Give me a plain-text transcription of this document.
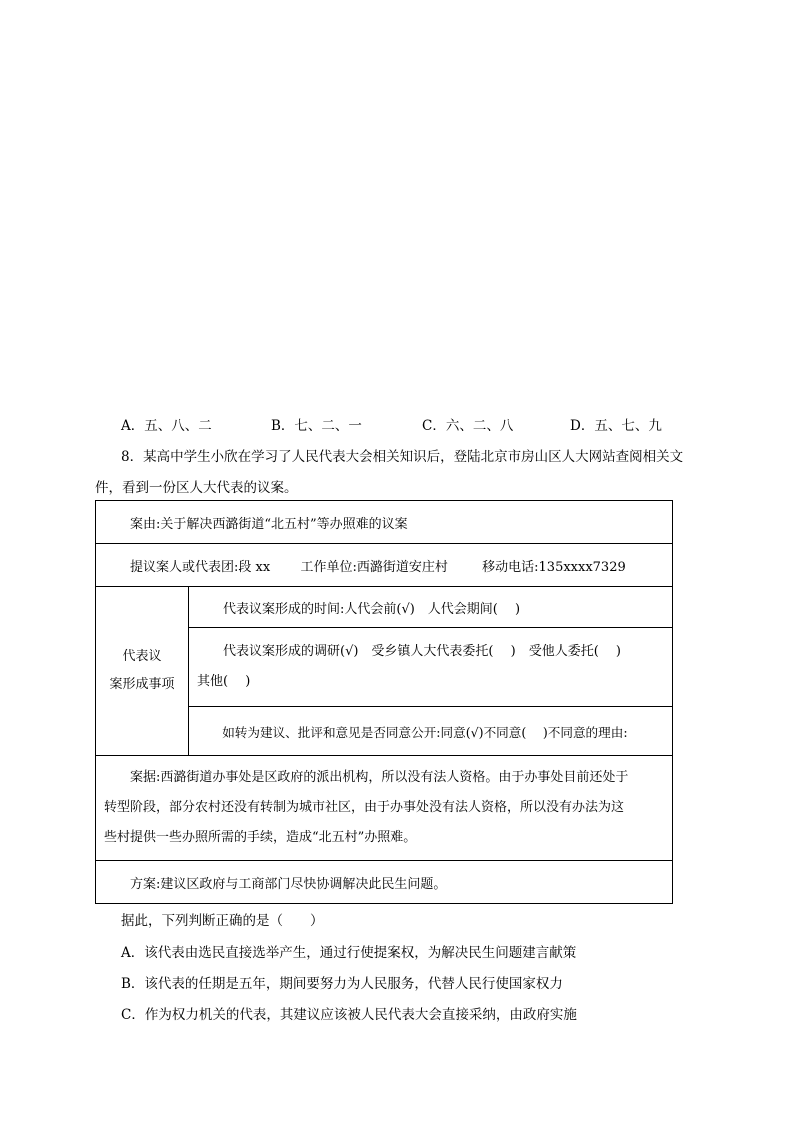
A．五、八、二	B．七、二、一	C．六、二、八	D．五、七、九
8．某高中学生小欣在学习了人民代表大会相关知识后，登陆北京市房山区人大网站查阅相关文
件，看到一份区人大代表的议案。
案由:关于解决西潞街道“北五村”等办照难的议案
提议案人或代表团:段 xx 工作单位:西潞街道安庄村	移动电话:135xxxx7329

代表议
案形成事项
	代表议案形成的时间:人代会前(√)　人代会期间(　 )

代表议案形成的调研(√)　受乡镇人大代表委托(　 )　受他人委托(　 )
其他(　 )

如转为建议、批评和意见是否同意公开:同意(√)不同意(　 )不同意的理由:

案据:西潞街道办事处是区政府的派出机构，所以没有法人资格。由于办事处目前还处于
转型阶段，部分农村还没有转制为城市社区，由于办事处没有法人资格，所以没有办法为这
些村提供一些办照所需的手续，造成“北五村”办照难。

方案:建议区政府与工商部门尽快协调解决此民生问题。
据此，下列判断正确的是（　　）
A．该代表由选民直接选举产生，通过行使提案权，为解决民生问题建言献策
B．该代表的任期是五年，期间要努力为人民服务，代替人民行使国家权力
C．作为权力机关的代表，其建议应该被人民代表大会直接采纳，由政府实施
